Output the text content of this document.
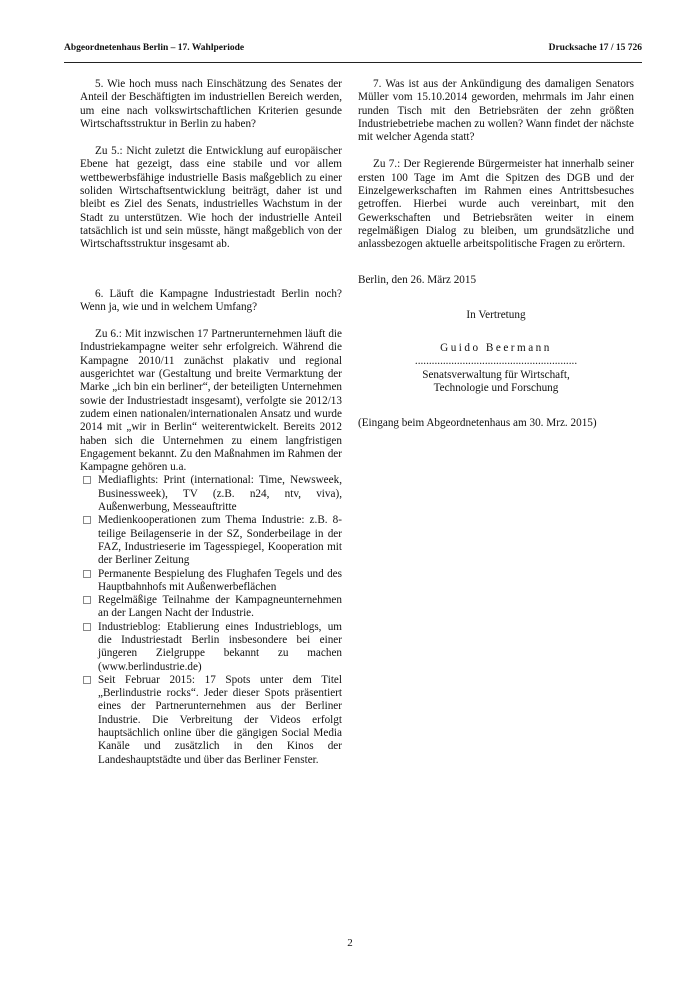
Abgeordnetenhaus Berlin – 17. Wahlperiode	Drucksache 17 / 15 726

5. Wie hoch muss nach Einschätzung des Senates der Anteil der Beschäftigten im industriellen Bereich werden, um eine nach volkswirtschaftlichen Kriterien gesunde Wirtschaftsstruktur in Berlin zu haben?

Zu 5.: Nicht zuletzt die Entwicklung auf europäischer Ebene hat gezeigt, dass eine stabile und vor allem wettbewerbsfähige industrielle Basis maßgeblich zu einer soliden Wirtschaftsentwicklung beiträgt, daher ist und bleibt es Ziel des Senats, industrielles Wachstum in der Stadt zu unterstützen. Wie hoch der industrielle Anteil tatsächlich ist und sein müsste, hängt maßgeblich von der Wirtschaftsstruktur insgesamt ab.

6. Läuft die Kampagne Industriestadt Berlin noch? Wenn ja, wie und in welchem Umfang?

Zu 6.: Mit inzwischen 17 Partnerunternehmen läuft die Industriekampagne weiter sehr erfolgreich. Während die Kampagne 2010/11 zunächst plakativ und regional ausgerichtet war (Gestaltung und breite Vermarktung der Marke „ich bin ein berliner“, der beteiligten Unternehmen sowie der Industriestadt insgesamt), verfolgte sie 2012/13 zudem einen nationalen/internationalen Ansatz und wurde 2014 mit „wir in Berlin“ weiterentwickelt. Bereits 2012 haben sich die Unternehmen zu einem langfristigen Engagement bekannt. Zu den Maßnahmen im Rahmen der Kampagne gehören u.a.

Mediaflights: Print (international: Time, Newsweek, Businessweek), TV (z.B. n24, ntv, viva), Außenwerbung, Messeauftritte
Medienkooperationen zum Thema Industrie: z.B. 8-teilige Beilagenserie in der SZ, Sonderbeilage in der FAZ, Industrieserie im Tagesspiegel, Kooperation mit der Berliner Zeitung
Permanente Bespielung des Flughafen Tegels und des Hauptbahnhofs mit Außenwerbeflächen
Regelmäßige Teilnahme der Kampagneunternehmen an der Langen Nacht der Industrie.
Industrieblog: Etablierung eines Industrieblogs, um die Industriestadt Berlin insbesondere bei einer jüngeren Zielgruppe bekannt zu machen (www.berlindustrie.de)
Seit Februar 2015: 17 Spots unter dem Titel „Berlindustrie rocks“. Jeder dieser Spots präsentiert eines der Partnerunternehmen aus der Berliner Industrie. Die Verbreitung der Videos erfolgt hauptsächlich online über die gängigen Social Media Kanäle und zusätzlich in den Kinos der Landeshauptstädte und über das Berliner Fenster.

7. Was ist aus der Ankündigung des damaligen Senators Müller vom 15.10.2014 geworden, mehrmals im Jahr einen runden Tisch mit den Betriebsräten der zehn größten Industriebetriebe machen zu wollen? Wann findet der nächste mit welcher Agenda statt?

Zu 7.: Der Regierende Bürgermeister hat innerhalb seiner ersten 100 Tage im Amt die Spitzen des DGB und der Einzelgewerkschaften im Rahmen eines Antrittsbesuches getroffen. Hierbei wurde auch vereinbart, mit den Gewerkschaften und Betriebsräten weiter in einem regelmäßigen Dialog zu bleiben, um grundsätzliche und anlassbezogen aktuelle arbeitspolitische Fragen zu erörtern.

Berlin, den 26. März 2015

In Vertretung

Guido Beermann

..........................................................

Senatsverwaltung für Wirtschaft,

Technologie und Forschung

(Eingang beim Abgeordnetenhaus am 30. Mrz. 2015)

2
